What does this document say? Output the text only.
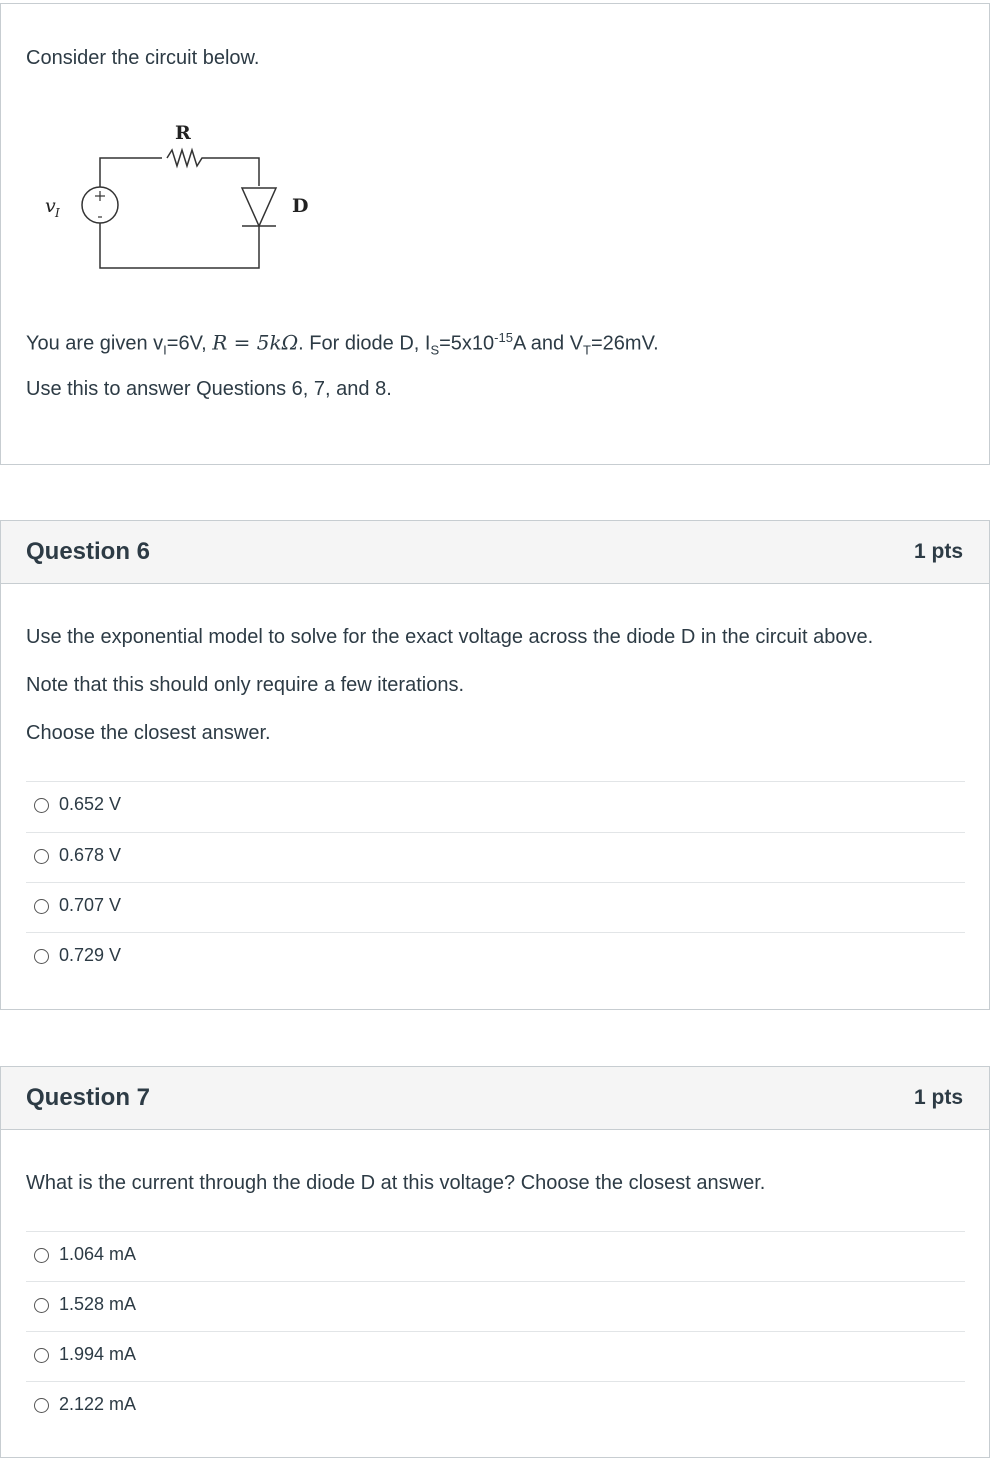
Consider the circuit below.
R
D
v I
You are given $v_I=6V$, R = 5kΩ. For diode D, $I_S=5x10^{-15}A$ and $V_T=26mV$.
Use this to answer Questions 6, 7, and 8.
Question 6	1 pts
Use the exponential model to solve for the exact voltage across the diode D in the circuit above.
Note that this should only require a few iterations.
Choose the closest answer.
0.652 V
0.678 V
0.707 V
0.729 V
Question 7	1 pts
What is the current through the diode D at this voltage? Choose the closest answer.
1.064 mA
1.528 mA
1.994 mA
2.122 mA
